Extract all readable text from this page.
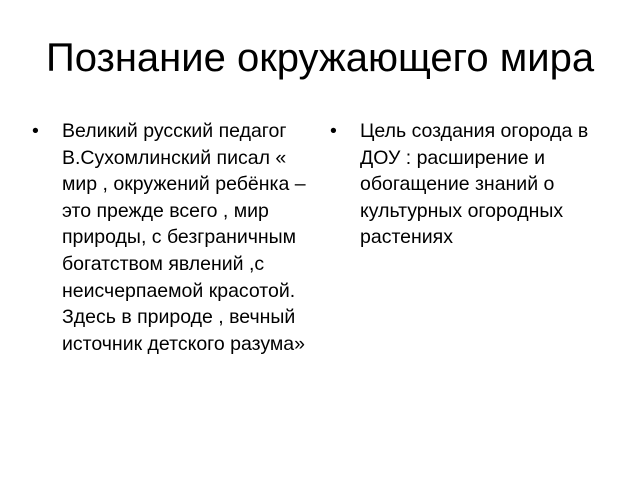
Познание окружающего мира
•	Великий русский педагог В.Сухомлинский писал « мир , окружений ребёнка – это прежде всего , мир природы, с безграничным богатством явлений ,с неисчерпаемой красотой. Здесь в природе , вечный источник детского разума»
•	Цель создания огорода в ДОУ : расширение и обогащение знаний о культурных огородных растениях
